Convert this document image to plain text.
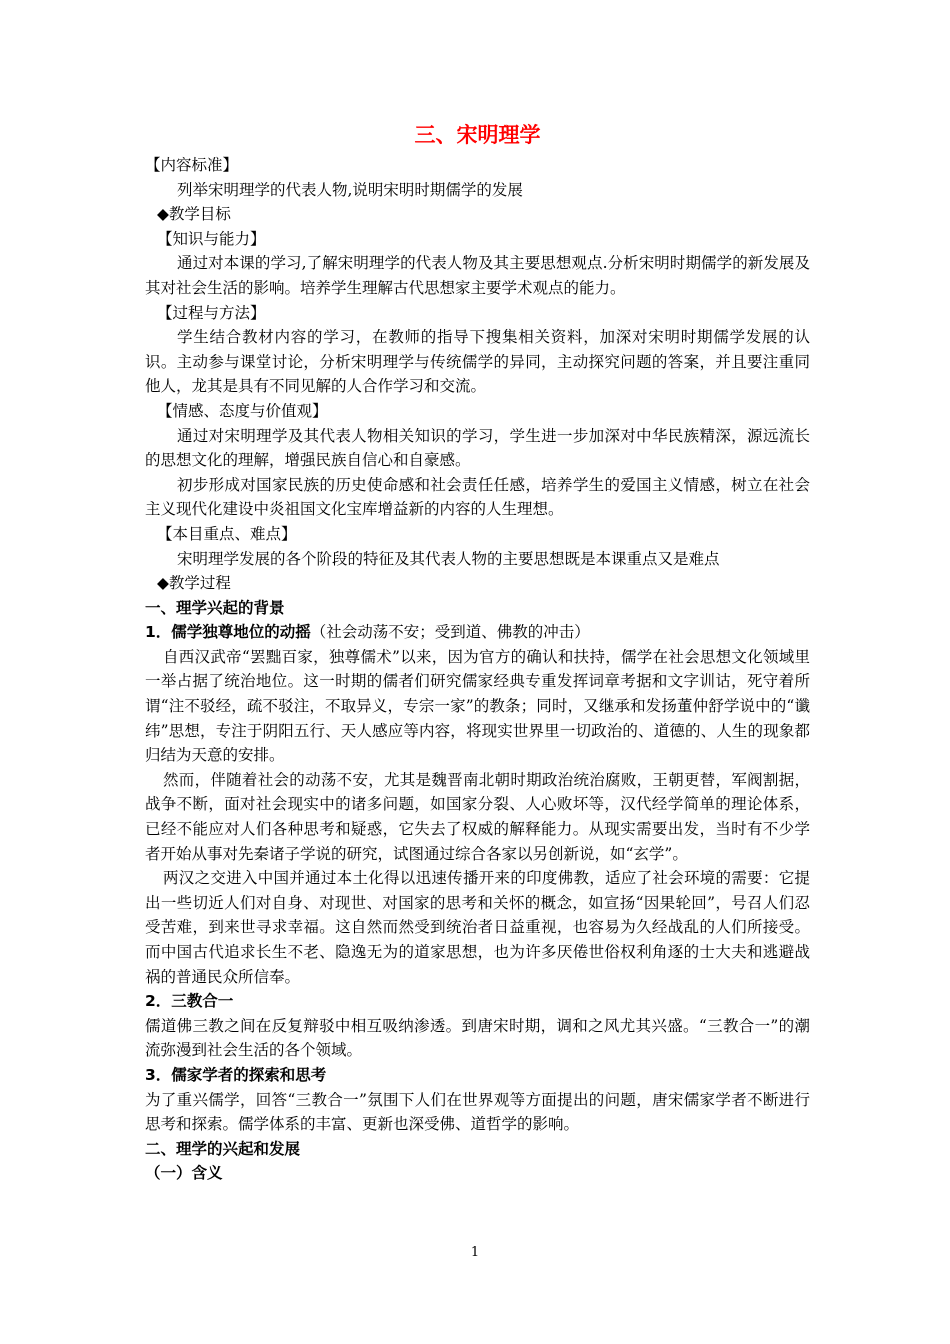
三、宋明理学

【内容标准】

列举宋明理学的代表人物,说明宋明时期儒学的发展

◆教学目标

【知识与能力】

通过对本课的学习,了解宋明理学的代表人物及其主要思想观点.分析宋明时期儒学的新发展及其对社会生活的影响。培养学生理解古代思想家主要学术观点的能力。

【过程与方法】

学生结合教材内容的学习，在教师的指导下搜集相关资料，加深对宋明时期儒学发展的认识。主动参与课堂讨论，分析宋明理学与传统儒学的异同，主动探究问题的答案，并且要注重同他人，龙其是具有不同见解的人合作学习和交流。

【情感、态度与价值观】

通过对宋明理学及其代表人物相关知识的学习，学生进一步加深对中华民族精深，源远流长的思想文化的理解，增强民族自信心和自豪感。

初步形成对国家民族的历史使命感和社会责任任感，培养学生的爱国主义情感，树立在社会主义现代化建设中炎祖国文化宝库增益新的内容的人生理想。

【本目重点、难点】

宋明理学发展的各个阶段的特征及其代表人物的主要思想既是本课重点又是难点

◆教学过程

一、理学兴起的背景

1．儒学独尊地位的动摇（社会动荡不安；受到道、佛教的冲击）

自西汉武帝“罢黜百家，独尊儒术”以来，因为官方的确认和扶持，儒学在社会思想文化领域里一举占据了统治地位。这一时期的儒者们研究儒家经典专重发挥词章考据和文字训诂，死守着所谓“注不驳经，疏不驳注，不取异义，专宗一家”的教条；同时，又继承和发扬董仲舒学说中的“谶纬”思想，专注于阴阳五行、天人感应等内容，将现实世界里一切政治的、道德的、人生的现象都归结为天意的安排。

然而，伴随着社会的动荡不安，尤其是魏晋南北朝时期政治统治腐败，王朝更替，军阀割据，战争不断，面对社会现实中的诸多问题，如国家分裂、人心败坏等，汉代经学简单的理论体系，已经不能应对人们各种思考和疑惑，它失去了权威的解释能力。从现实需要出发，当时有不少学者开始从事对先秦诸子学说的研究，试图通过综合各家以另创新说，如“玄学”。

两汉之交进入中国并通过本土化得以迅速传播开来的印度佛教，适应了社会环境的需要：它提出一些切近人们对自身、对现世、对国家的思考和关怀的概念，如宣扬“因果轮回”，号召人们忍受苦难，到来世寻求幸福。这自然而然受到统治者日益重视，也容易为久经战乱的人们所接受。而中国古代追求长生不老、隐逸无为的道家思想，也为许多厌倦世俗权利角逐的士大夫和逃避战祸的普通民众所信奉。

2．三教合一

儒道佛三教之间在反复辩驳中相互吸纳渗透。到唐宋时期，调和之风尤其兴盛。“三教合一”的潮流弥漫到社会生活的各个领域。

3．儒家学者的探索和思考

为了重兴儒学，回答“三教合一”氛围下人们在世界观等方面提出的问题，唐宋儒家学者不断进行思考和探索。儒学体系的丰富、更新也深受佛、道哲学的影响。

二、理学的兴起和发展

（一）含义

1
